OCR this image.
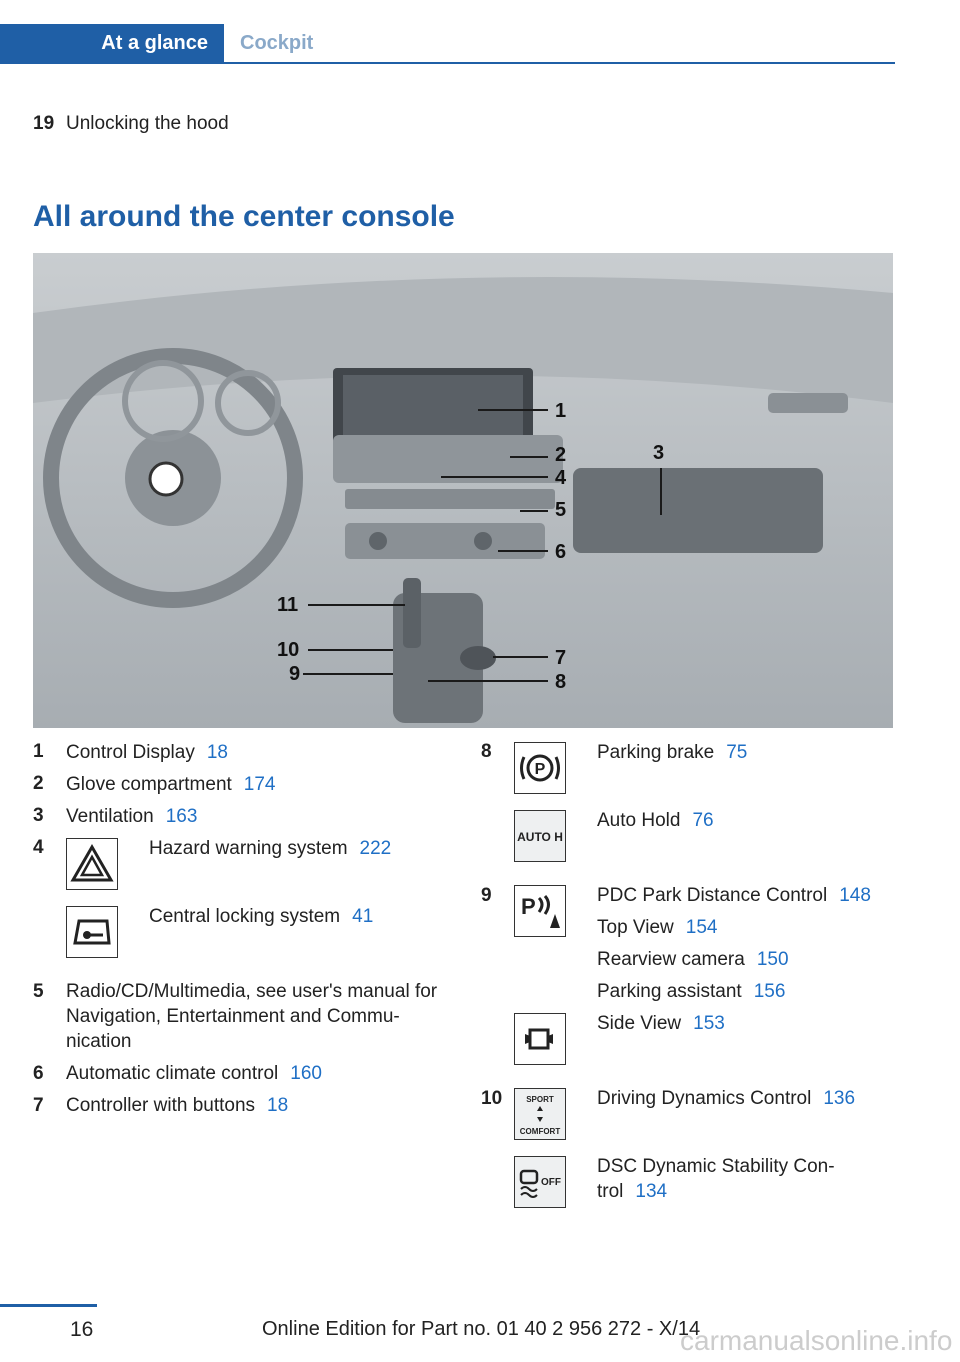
At a glance	Cockpit
19 Unlocking the hood
All around the center console
1
2	3
4
5
6
7
8
9
10
11
1 Control Display 18
2 Glove compartment 174
3 Ventilation 163
4	Hazard warning system 222
Central locking system 41
5 Radio/CD/Multimedia, see user's manual for Navigation, Entertainment and Commu-nication
6 Automatic climate control 160
7 Controller with buttons 18
8
P
Parking brake 75
AUTO H
Auto Hold 76
9 P	PDC Park Distance Control 148
Top View 154
Rearview camera 150
Parking assistant 156
Side View 153
10	SPORT
COMFORT
Driving Dynamics Control 136
OFF
DSC Dynamic Stability Con-
trol 134
16	Online Edition for Part no. 01 40 2 956 272 - X/14
carmanualsonline.info
